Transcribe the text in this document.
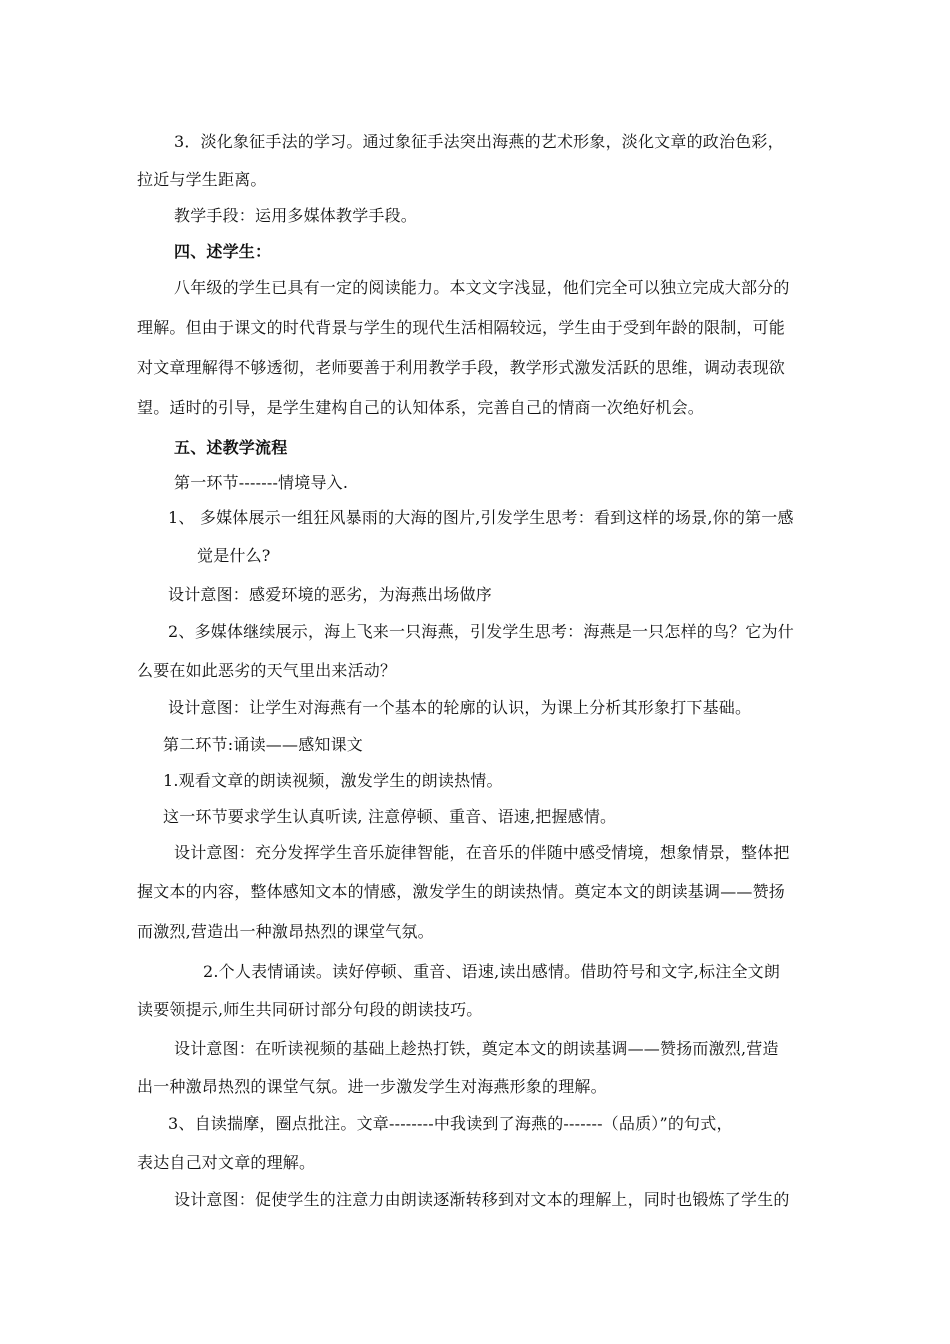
3．淡化象征手法的学习。通过象征手法突出海燕的艺术形象，淡化文章的政治色彩，
拉近与学生距离。
教学手段：运用多媒体教学手段。
四、述学生：
八年级的学生已具有一定的阅读能力。本文文字浅显，他们完全可以独立完成大部分的
理解。但由于课文的时代背景与学生的现代生活相隔较远，学生由于受到年龄的限制，可能
对文章理解得不够透彻，老师要善于利用教学手段，教学形式激发活跃的思维，调动表现欲
望。适时的引导，是学生建构自己的认知体系，完善自己的情商一次绝好机会。
五、述教学流程
第一环节-------情境导入.
1、 多媒体展示一组狂风暴雨的大海的图片,引发学生思考：看到这样的场景,你的第一感
觉是什么?
设计意图：感爱环境的恶劣，为海燕出场做序
2、多媒体继续展示，海上飞来一只海燕，引发学生思考：海燕是一只怎样的鸟？它为什
么要在如此恶劣的天气里出来活动？
设计意图：让学生对海燕有一个基本的轮廓的认识，为课上分析其形象打下基础。
第二环节:诵读——感知课文
1.观看文章的朗读视频，激发学生的朗读热情。
这一环节要求学生认真听读, 注意停顿、重音、语速,把握感情。
设计意图：充分发挥学生音乐旋律智能，在音乐的伴随中感受情境，想象情景，整体把
握文本的内容，整体感知文本的情感，激发学生的朗读热情。奠定本文的朗读基调——赞扬
而激烈,营造出一种激昂热烈的课堂气氛。
2.个人表情诵读。读好停顿、重音、语速,读出感情。借助符号和文字,标注全文朗
读要领提示,师生共同研讨部分句段的朗读技巧。
设计意图：在听读视频的基础上趁热打铁，奠定本文的朗读基调——赞扬而激烈,营造
出一种激昂热烈的课堂气氛。进一步激发学生对海燕形象的理解。
3、自读揣摩，圈点批注。文章--------中我读到了海燕的-------（品质）”的句式，
表达自己对文章的理解。
设计意图：促使学生的注意力由朗读逐渐转移到对文本的理解上，同时也锻炼了学生的
